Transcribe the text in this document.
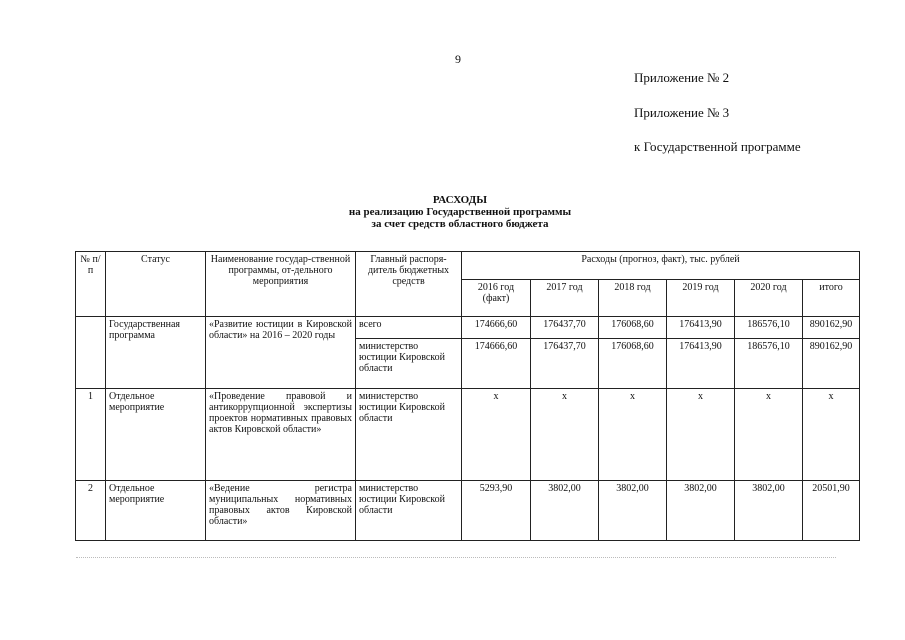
9
Приложение № 2
Приложение № 3
к Государственной программе
РАСХОДЫ
на реализацию Государственной программы
за счет средств областного бюджета
№ п/п	Статус	Наименование государ-ственной программы, от-дельного мероприятия	Главный распоря-дитель бюджетных средств	Расходы (прогноз, факт), тыс. рублей					
				2016 год (факт)	2017 год	2018 год	2019 год	2020 год	итого
	Государственная программа	«Развитие юстиции в Кировской области» на 2016 – 2020 годы	всего	174666,60	176437,70	176068,60	176413,90	186576,10	890162,90
			министерство юстиции Кировской области	174666,60	176437,70	176068,60	176413,90	186576,10	890162,90
1	Отдельное мероприятие	«Проведение правовой и антикоррупционной экспертизы проектов нормативных правовых актов Кировской области»	министерство юстиции Кировской области	х	х	х	х	х	х
2	Отдельное мероприятие	«Ведение регистра муниципальных нормативных правовых актов Кировской области»	министерство юстиции Кировской области	5293,90	3802,00	3802,00	3802,00	3802,00	20501,90
